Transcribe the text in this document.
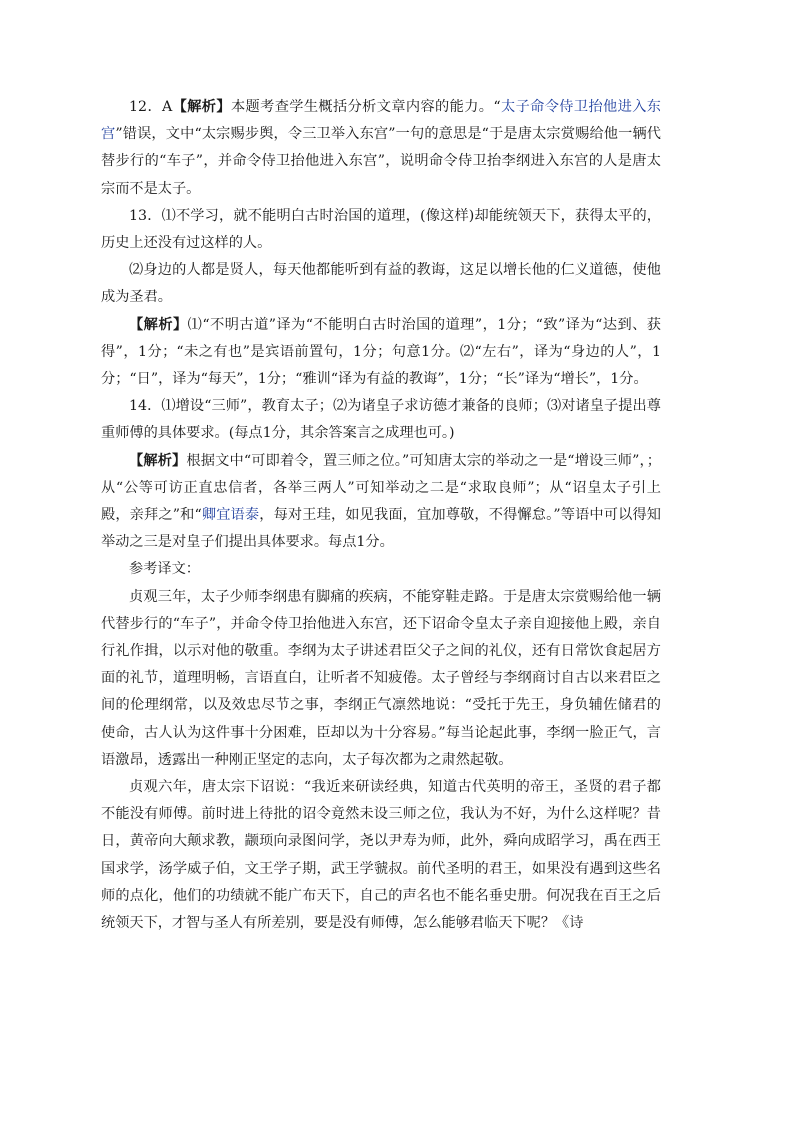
12．A【解析】本题考查学生概括分析文章内容的能力。“太子命令侍卫抬他进入东宫”错误，文中“太宗赐步舆，令三卫举入东宫”一句的意思是“于是唐太宗赏赐给他一辆代替步行的“车子”，并命令侍卫抬他进入东宫”，说明命令侍卫抬李纲进入东宫的人是唐太宗而不是太子。

13．⑴不学习，就不能明白古时治国的道理，(像这样)却能统领天下，获得太平的，历史上还没有过这样的人。

⑵身边的人都是贤人，每天他都能听到有益的教诲，这足以增长他的仁义道德，使他成为圣君。

【解析】⑴“不明古道”译为“不能明白古时治国的道理”，1分；“致”译为“达到、获得”，1分；“未之有也”是宾语前置句，1分；句意1分。⑵“左右”，译为“身边的人”，1分；“日”，译为“每天”，1分；“雅训“译为有益的教诲”，1分；“长”译为“增长”，1分。

14．⑴增设“三师”，教育太子；⑵为诸皇子求访德才兼备的良师；⑶对诸皇子提出尊重师傅的具体要求。(每点1分，其余答案言之成理也可。)

【解析】根据文中“可即着令，置三师之位。”可知唐太宗的举动之一是“增设三师”，；从“公等可访正直忠信者，各举三两人”可知举动之二是“求取良师”；从“诏皇太子引上殿，亲拜之”和“卿宜语泰，每对王珪，如见我面，宜加尊敬，不得懈怠。”等语中可以得知举动之三是对皇子们提出具体要求。每点1分。

参考译文：

贞观三年，太子少师李纲患有脚痛的疾病，不能穿鞋走路。于是唐太宗赏赐给他一辆代替步行的“车子”，并命令侍卫抬他进入东宫，还下诏命令皇太子亲自迎接他上殿，亲自行礼作揖，以示对他的敬重。李纲为太子讲述君臣父子之间的礼仪，还有日常饮食起居方面的礼节，道理明畅，言语直白，让听者不知疲倦。太子曾经与李纲商讨自古以来君臣之间的伦理纲常，以及效忠尽节之事，李纲正气凛然地说：“受托于先王，身负辅佐储君的使命，古人认为这件事十分困难，臣却以为十分容易。”每当论起此事，李纲一脸正气，言语激昂，透露出一种刚正坚定的志向，太子每次都为之肃然起敬。

贞观六年，唐太宗下诏说：“我近来研读经典，知道古代英明的帝王，圣贤的君子都不能没有师傅。前时进上待批的诏令竟然未设三师之位，我认为不好，为什么这样呢？昔日，黄帝向大颠求教，颛顼向录图问学，尧以尹寿为师，此外，舜向成昭学习，禹在西王国求学，汤学威子伯，文王学子期，武王学虢叔。前代圣明的君王，如果没有遇到这些名师的点化，他们的功绩就不能广布天下，自己的声名也不能名垂史册。何况我在百王之后统领天下，才智与圣人有所差别，要是没有师傅，怎么能够君临天下呢？《诗
